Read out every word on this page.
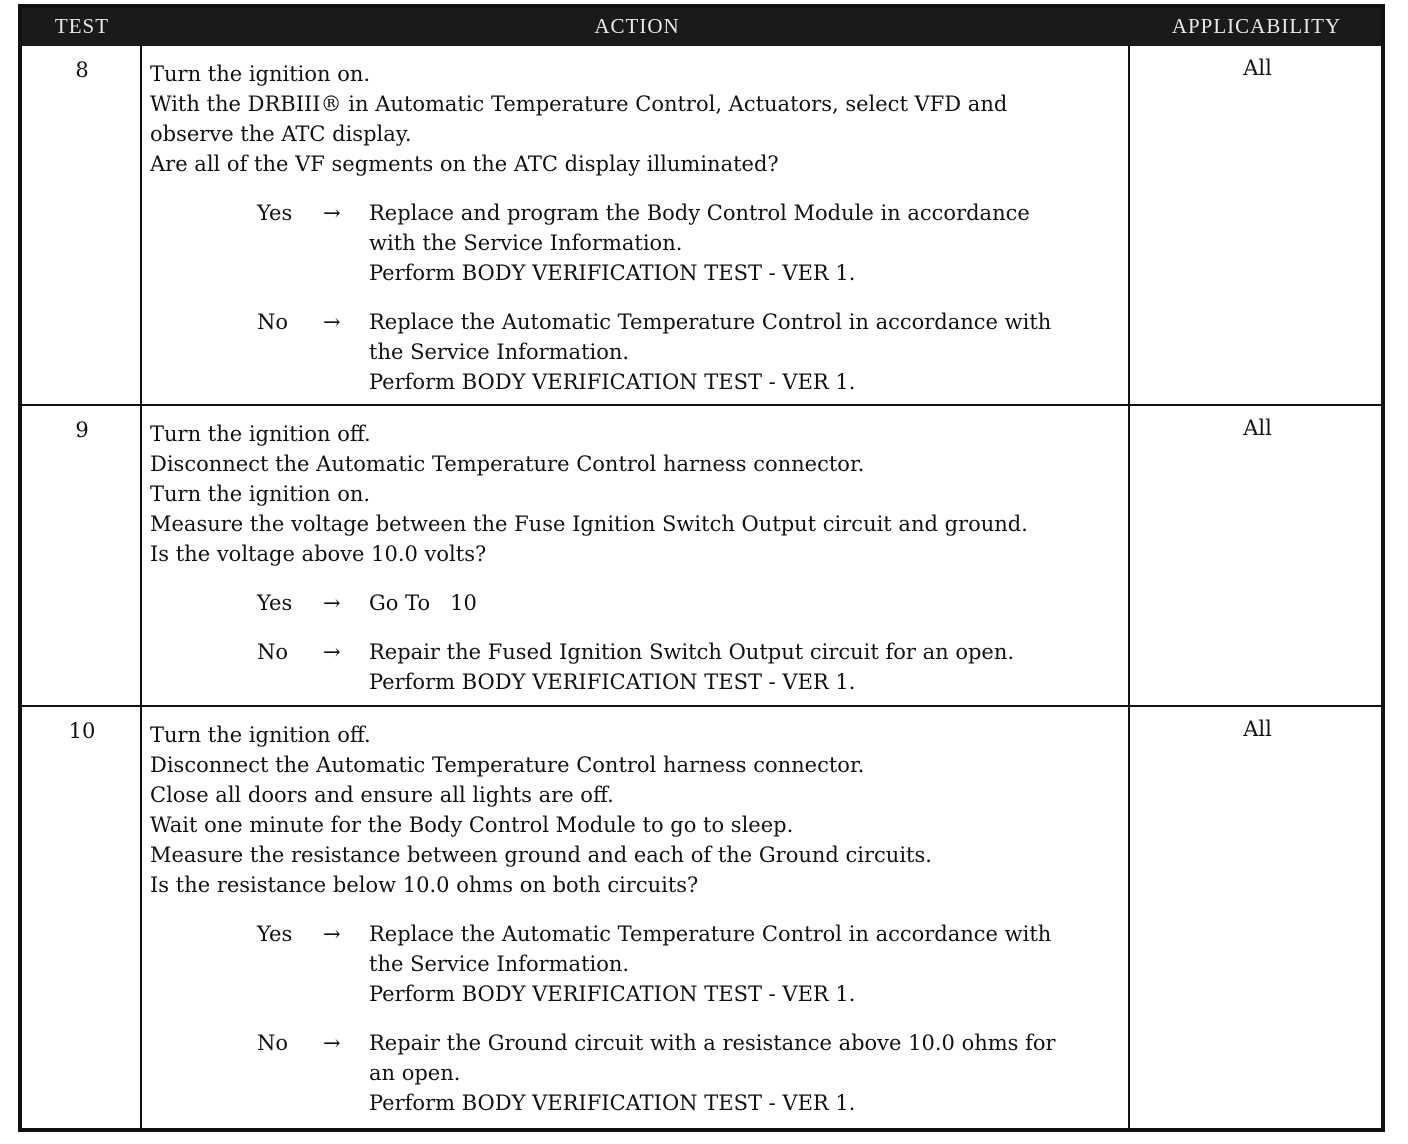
TEST	ACTION	APPLICABILITY
8	Turn the ignition on.
With the DRBIII® in Automatic Temperature Control, Actuators, select VFD and
observe the ATC display.
Are all of the VF segments on the ATC display illuminated?
Yes → Replace and program the Body Control Module in accordance
with the Service Information.
Perform BODY VERIFICATION TEST - VER 1.
No → Replace the Automatic Temperature Control in accordance with
the Service Information.
Perform BODY VERIFICATION TEST - VER 1.
All
9	Turn the ignition off.
Disconnect the Automatic Temperature Control harness connector.
Turn the ignition on.
Measure the voltage between the Fuse Ignition Switch Output circuit and ground.
Is the voltage above 10.0 volts?
Yes → Go To   10
No → Repair the Fused Ignition Switch Output circuit for an open.
Perform BODY VERIFICATION TEST - VER 1.
All
10	Turn the ignition off.
Disconnect the Automatic Temperature Control harness connector.
Close all doors and ensure all lights are off.
Wait one minute for the Body Control Module to go to sleep.
Measure the resistance between ground and each of the Ground circuits.
Is the resistance below 10.0 ohms on both circuits?
Yes → Replace the Automatic Temperature Control in accordance with
the Service Information.
Perform BODY VERIFICATION TEST - VER 1.
No → Repair the Ground circuit with a resistance above 10.0 ohms for
an open.
Perform BODY VERIFICATION TEST - VER 1.
All
